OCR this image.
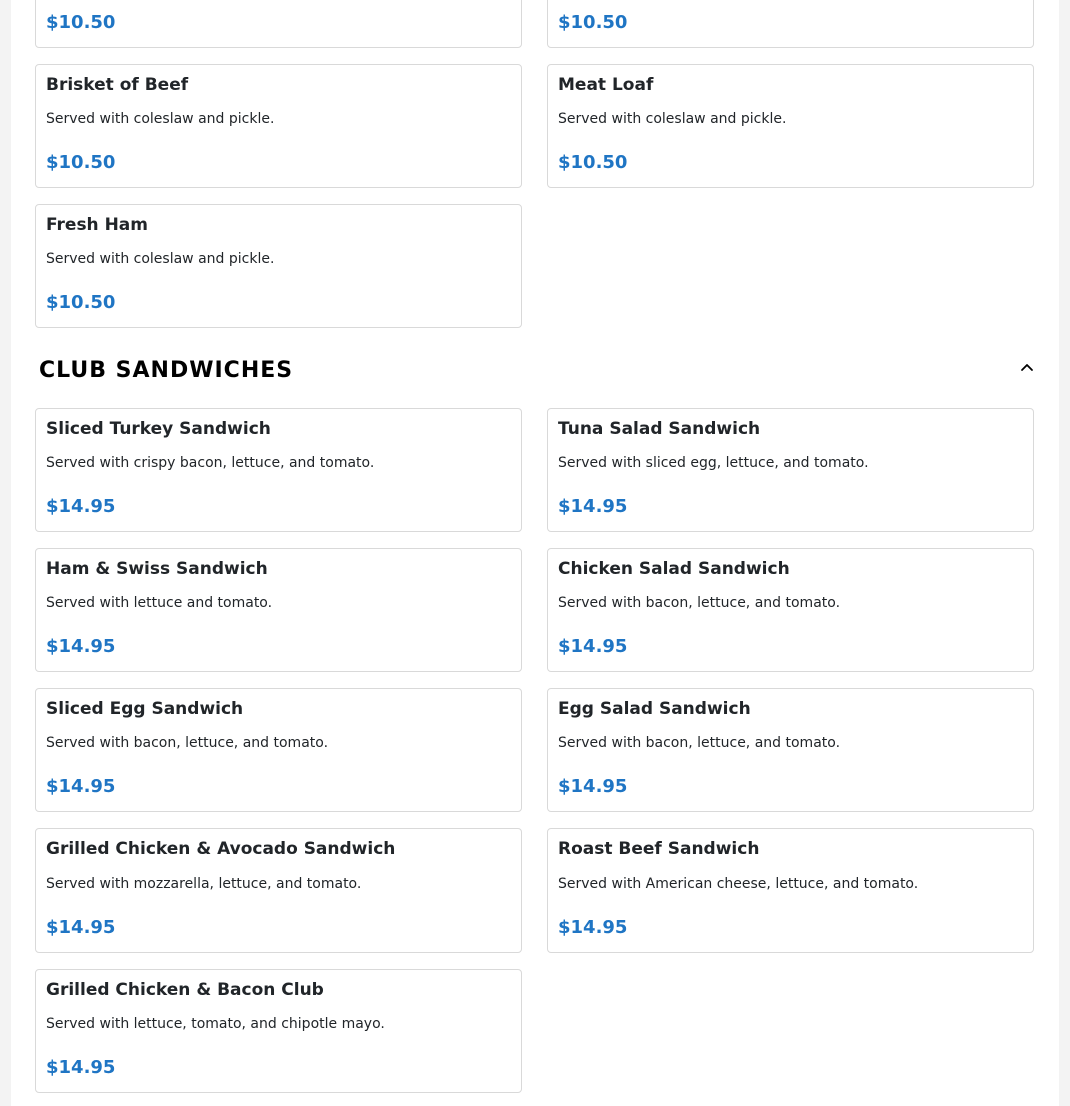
$10.50	$10.50
Brisket of Beef
Served with coleslaw and pickle.
$10.50
Meat Loaf
Served with coleslaw and pickle.
$10.50
Fresh Ham
Served with coleslaw and pickle.
$10.50
CLUB SANDWICHES
Sliced Turkey Sandwich
Served with crispy bacon, lettuce, and tomato.
$14.95
Tuna Salad Sandwich
Served with sliced egg, lettuce, and tomato.
$14.95
Ham & Swiss Sandwich
Served with lettuce and tomato.
$14.95
Chicken Salad Sandwich
Served with bacon, lettuce, and tomato.
$14.95
Sliced Egg Sandwich
Served with bacon, lettuce, and tomato.
$14.95
Egg Salad Sandwich
Served with bacon, lettuce, and tomato.
$14.95
Grilled Chicken & Avocado Sandwich
Served with mozzarella, lettuce, and tomato.
$14.95
Roast Beef Sandwich
Served with American cheese, lettuce, and tomato.
$14.95
Grilled Chicken & Bacon Club
Served with lettuce, tomato, and chipotle mayo.
$14.95
